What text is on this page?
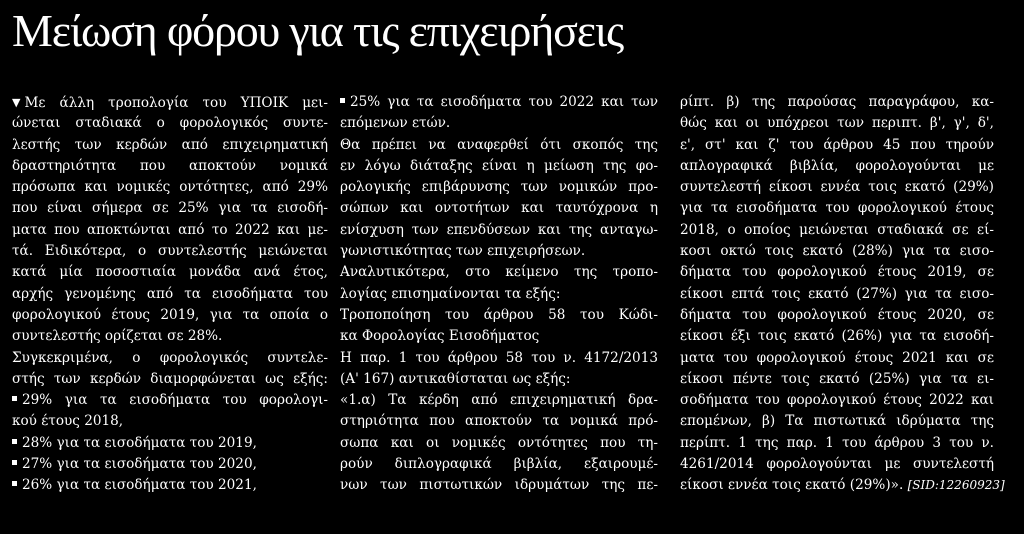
Μείωση φόρου για τις επιχειρήσεις
▼ Με άλλη τροπολογία του ΥΠΟΙΚ μει-
ώνεται σταδιακά ο φορολογικός συντε-
λεστής των κερδών από επιχειρηματική
δραστηριότητα που αποκτούν νομικά
πρόσωπα και νομικές οντότητες, από 29%
που είναι σήμερα σε 25% για τα εισοδή-
ματα που αποκτώνται από το 2022 και με-
τά. Ειδικότερα, ο συντελεστής μειώνεται
κατά μία ποσοστιαία μονάδα ανά έτος,
αρχής γενομένης από τα εισοδήματα του
φορολογικού έτους 2019, για τα οποία ο
συντελεστής ορίζεται σε 28%.
Συγκεκριμένα, ο φορολογικός συντελε-
στής των κερδών διαμορφώνεται ως εξής:
29% για τα εισοδήματα του φορολογι-
κού έτους 2018,
28% για τα εισοδήματα του 2019,
27% για τα εισοδήματα του 2020,
26% για τα εισοδήματα του 2021,
25% για τα εισοδήματα του 2022 και των
επόμενων ετών.
Θα πρέπει να αναφερθεί ότι σκοπός της
εν λόγω διάταξης είναι η μείωση της φο-
ρολογικής επιβάρυνσης των νομικών προ-
σώπων και οντοτήτων και ταυτόχρονα η
ενίσχυση των επενδύσεων και της ανταγω-
γωνιστικότητας των επιχειρήσεων.
Αναλυτικότερα, στο κείμενο της τροπο-
λογίας επισημαίνονται τα εξής:
Τροποποίηση του άρθρου 58 του Κώδι-
κα Φορολογίας Εισοδήματος
Η παρ. 1 του άρθρου 58 του ν. 4172/2013
(Α' 167) αντικαθίσταται ως εξής:
«1.α) Τα κέρδη από επιχειρηματική δρα-
στηριότητα που αποκτούν τα νομικά πρό-
σωπα και οι νομικές οντότητες που τη-
ρούν διπλογραφικά βιβλία, εξαιρουμέ-
νων των πιστωτικών ιδρυμάτων της πε-
ρίπτ. β) της παρούσας παραγράφου, κα-
θώς και οι υπόχρεοι των περιπτ. β', γ', δ',
ε', στ' και ζ' του άρθρου 45 που τηρούν
απλογραφικά βιβλία, φορολογούνται με
συντελεστή είκοσι εννέα τοις εκατό (29%)
για τα εισοδήματα του φορολογικού έτους
2018, ο οποίος μειώνεται σταδιακά σε εί-
κοσι οκτώ τοις εκατό (28%) για τα εισο-
δήματα του φορολογικού έτους 2019, σε
είκοσι επτά τοις εκατό (27%) για τα εισο-
δήματα του φορολογικού έτους 2020, σε
είκοσι έξι τοις εκατό (26%) για τα εισοδή-
ματα του φορολογικού έτους 2021 και σε
είκοσι πέντε τοις εκατό (25%) για τα ει-
σοδήματα του φορολογικού έτους 2022 και
επομένων, β) Τα πιστωτικά ιδρύματα της
περίπτ. 1 της παρ. 1 του άρθρου 3 του ν.
4261/2014 φορολογούνται με συντελεστή
είκοσι εννέα τοις εκατό (29%)». [SID:12260923]
